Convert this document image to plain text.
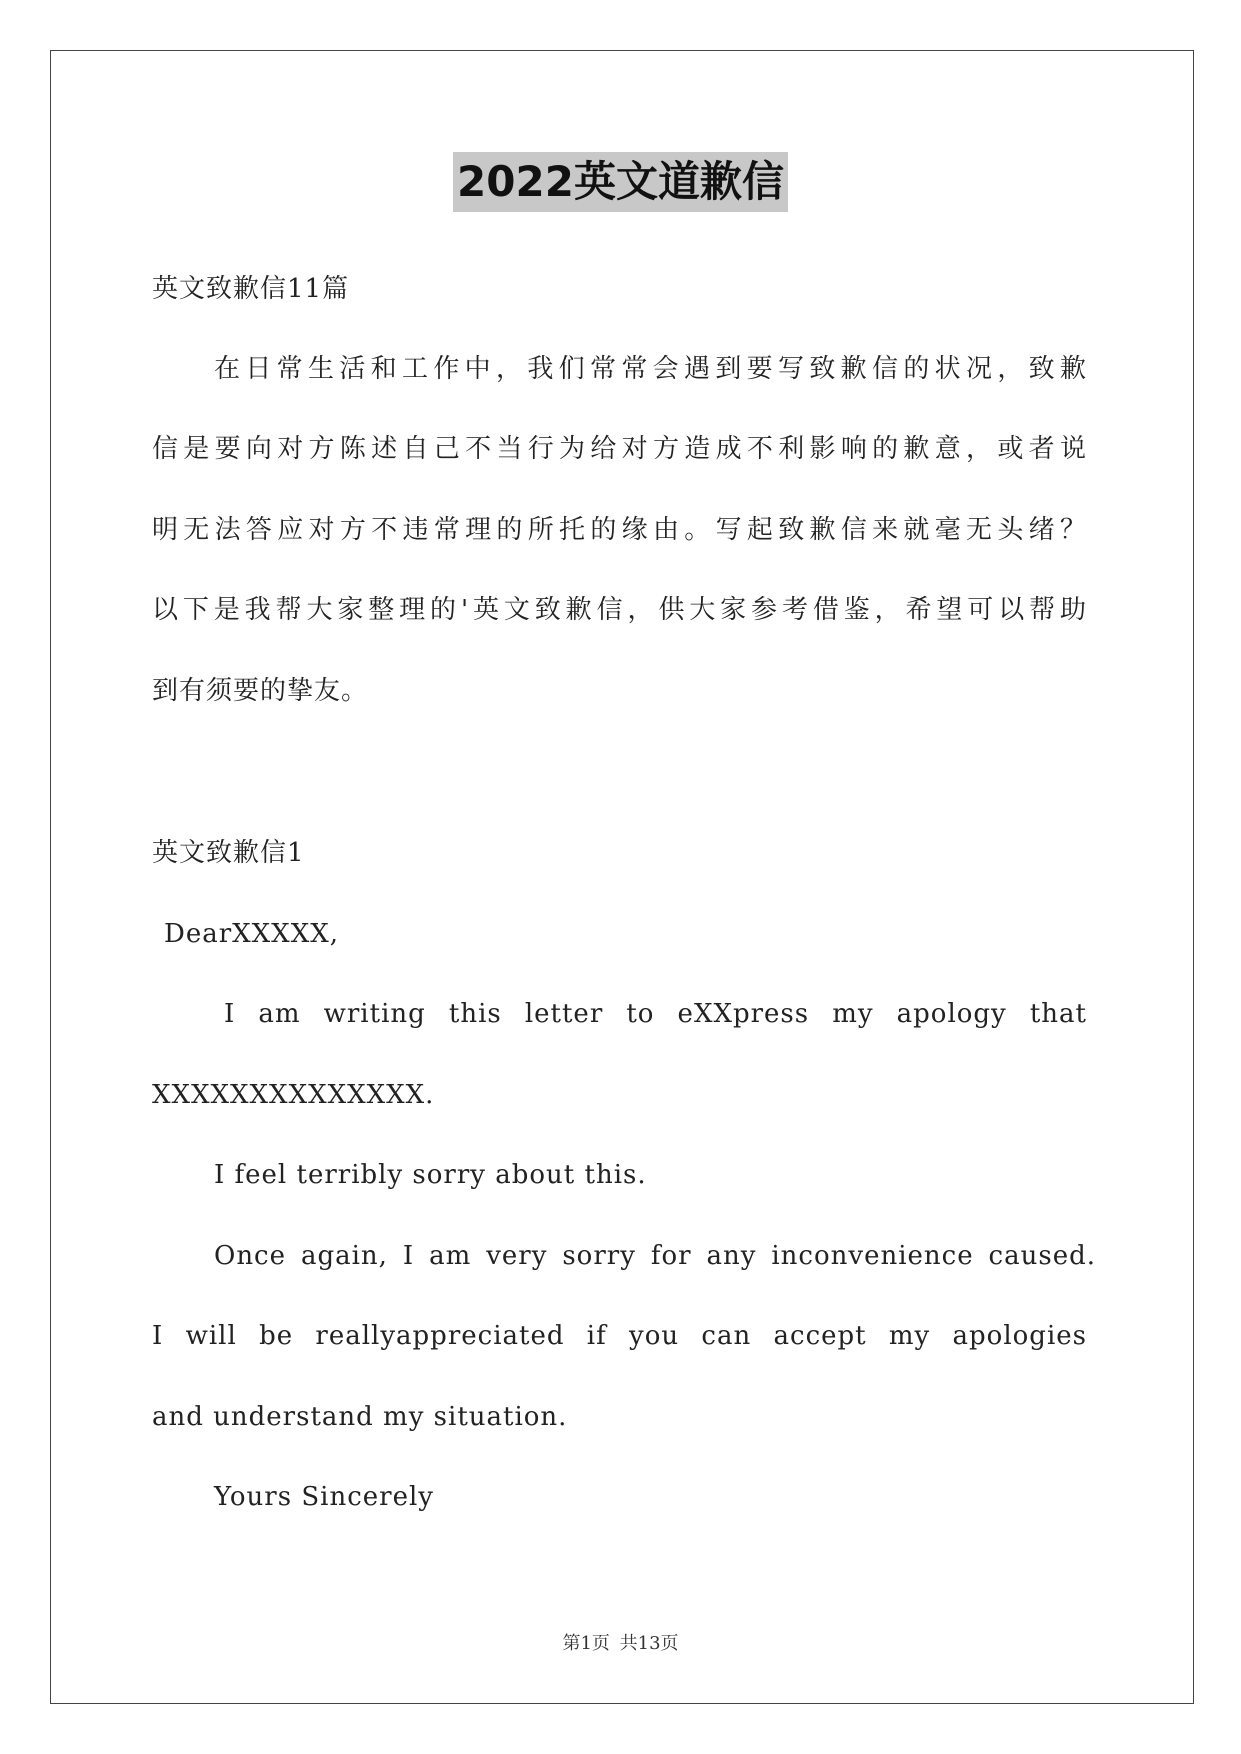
2022英文道歉信
英文致歉信11篇
在日常生活和工作中，我们常常会遇到要写致歉信的状况，致歉
信是要向对方陈述自己不当行为给对方造成不利影响的歉意，或者说
明无法答应对方不违常理的所托的缘由。写起致歉信来就毫无头绪？
以下是我帮大家整理的'英文致歉信，供大家参考借鉴，希望可以帮助
到有须要的挚友。
英文致歉信1
DearXXXXX,
I am writing this letter to eXXpress my apology that
XXXXXXXXXXXXXX.
I feel terribly sorry about this.
Once again, I am very sorry for any inconvenience caused.
I will be reallyappreciated if you can accept my apologies
and understand my situation.
Yours Sincerely
第1页 共13页
